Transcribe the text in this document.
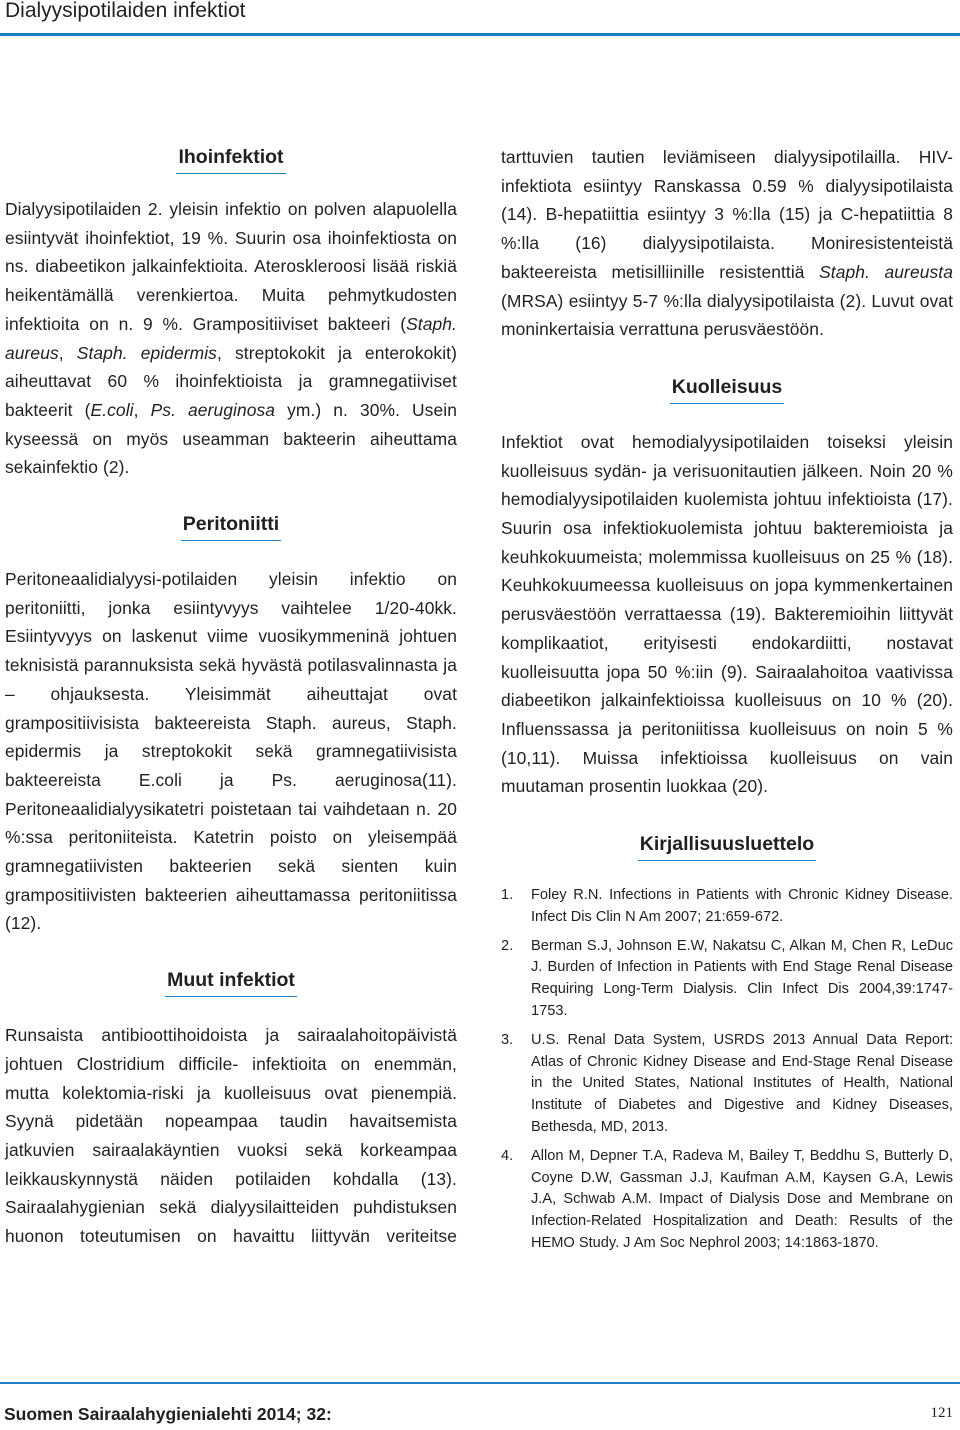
Dialyysipotilaiden infektiot
Ihoinfektiot

Dialyysipotilaiden 2. yleisin infektio on polven alapuolella esiintyvät ihoinfektiot, 19 %. Suurin osa ihoinfektiosta on ns. diabeetikon jalkainfektioita. Ateroskleroosi lisää riskiä heikentämällä verenkiertoa. Muita pehmytkudosten infektioita on n. 9 %. Grampositiiviset bakteeri (Staph. aureus, Staph. epidermis, streptokokit ja enterokokit) aiheuttavat 60 % ihoinfektioista ja gramnegatiiviset bakteerit (E.coli, Ps. aeruginosa ym.) n. 30%. Usein kyseessä on myös useamman bakteerin aiheuttama sekainfektio (2).

Peritoniitti

Peritoneaalidialyysi-potilaiden yleisin infektio on peritoniitti, jonka esiintyvyys vaihtelee 1/20-40kk. Esiintyvyys on laskenut viime vuosikymmeninä johtuen teknisistä parannuksista sekä hyvästä potilasvalinnasta ja – ohjauksesta. Yleisimmät aiheuttajat ovat grampositiivisista bakteereista Staph. aureus, Staph. epidermis ja streptokokit sekä gramnegatiivisista bakteereista E.coli ja Ps. aeruginosa(11). Peritoneaalidialyysikatetri poistetaan tai vaihdetaan n. 20 %:ssa peritoniiteista. Katetrin poisto on yleisempää gramnegatiivisten bakteerien sekä sienten kuin grampositiivisten bakteerien aiheuttamassa peritoniitissa (12).

Muut infektiot

Runsaista antibioottihoidoista ja sairaalahoitopäivistä johtuen Clostridium difficile- infektioita on enemmän, mutta kolektomia-riski ja kuolleisuus ovat pienempiä. Syynä pidetään nopeampaa taudin havaitsemista jatkuvien sairaalakäyntien vuoksi sekä korkeampaa leikkauskynnystä näiden potilaiden kohdalla (13). Sairaalahygienian sekä dialyysilaitteiden puhdistuksen huonon toteutumisen on havaittu liittyvän veriteitse

tarttuvien tautien leviämiseen dialyysipotilailla. HIV-infektiota esiintyy Ranskassa 0.59 % dialyysipotilaista (14). B-hepatiittia esiintyy 3 %:lla (15) ja C-hepatiittia 8 %:lla (16) dialyysipotilaista. Moniresistenteistä bakteereista metisilliinille resistenttiä Staph. aureusta (MRSA) esiintyy 5-7 %:lla dialyysipotilaista (2). Luvut ovat moninkertaisia verrattuna perusväestöön.

Kuolleisuus

Infektiot ovat hemodialyysipotilaiden toiseksi yleisin kuolleisuus sydän- ja verisuonitautien jälkeen. Noin 20 % hemodialyysipotilaiden kuolemista johtuu infektioista (17). Suurin osa infektiokuolemista johtuu bakteremioista ja keuhkokuumeista; molemmissa kuolleisuus on 25 % (18). Keuhkokuumeessa kuolleisuus on jopa kymmenkertainen perusväestöön verrattaessa (19). Bakteremioihin liittyvät komplikaatiot, erityisesti endokardiitti, nostavat kuolleisuutta jopa 50 %:iin (9). Sairaalahoitoa vaativissa diabeetikon jalkainfektioissa kuolleisuus on 10 % (20). Influenssassa ja peritoniitissa kuolleisuus on noin 5 % (10,11). Muissa infektioissa kuolleisuus on vain muutaman prosentin luokkaa (20).

Kirjallisuusluettelo
1. Foley R.N. Infections in Patients with Chronic Kidney Disease. Infect Dis Clin N Am 2007; 21:659-672.
2. Berman S.J, Johnson E.W, Nakatsu C, Alkan M, Chen R, LeDuc J. Burden of Infection in Patients with End Stage Renal Disease Requiring Long-Term Dialysis. Clin Infect Dis 2004,39:1747-1753.
3. U.S. Renal Data System, USRDS 2013 Annual Data Report: Atlas of Chronic Kidney Disease and End-Stage Renal Disease in the United States, National Institutes of Health, National Institute of Diabetes and Digestive and Kidney Diseases, Bethesda, MD, 2013.
4. Allon M, Depner T.A, Radeva M, Bailey T, Beddhu S, Butterly D, Coyne D.W, Gassman J.J, Kaufman A.M, Kaysen G.A, Lewis J.A, Schwab A.M. Impact of Dialysis Dose and Membrane on Infection-Related Hospitalization and Death: Results of the HEMO Study. J Am Soc Nephrol 2003; 14:1863-1870.
Suomen Sairaalahygienialehti 2014; 32:	121
